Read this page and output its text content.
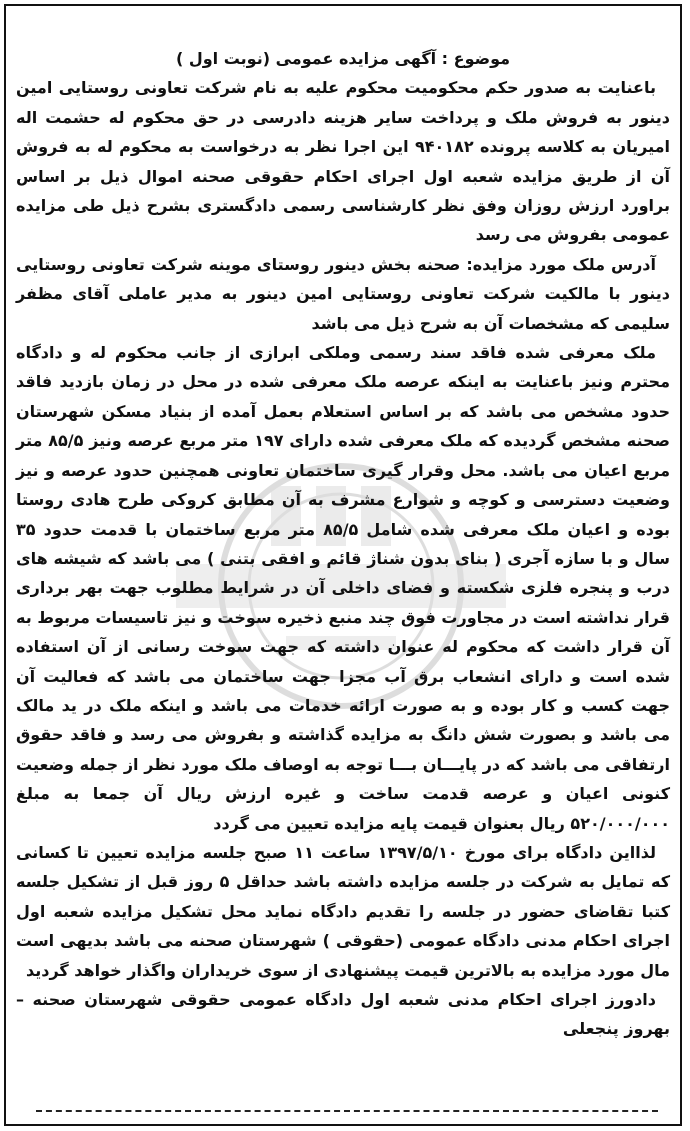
موضوع : آگهی مزایده عمومی (نوبت اول )

باعنایت به صدور حکم محکومیت محکوم علیه به نام شرکت تعاونی روستایی امین دینور به فروش ملک و پرداخت سایر هزینه دادرسی در حق محکوم له حشمت اله امیریان به کلاسه پرونده ۹۴۰۱۸۲ این اجرا نظر به درخواست به محکوم له به فروش آن از طریق مزایده شعبه اول اجرای احکام حقوقی صحنه اموال ذیل بر اساس براورد ارزش روزان وفق نظر کارشناسی رسمی دادگستری بشرح ذیل طی مزایده عمومی بفروش می رسد

آدرس ملک مورد مزایده: صحنه بخش دینور روستای موینه شرکت تعاونی روستایی دینور با مالکیت شرکت تعاونی روستایی امین دینور به مدیر عاملی آقای مظفر سلیمی که مشخصات آن به شرح ذیل می باشد

ملک معرفی شده فاقد سند رسمی وملکی ابرازی از جانب محکوم له و دادگاه محترم ونیز باعنایت به اینکه عرصه ملک معرفی شده در محل در زمان بازدید فاقد حدود مشخص می باشد که بر اساس استعلام بعمل آمده از بنیاد مسکن شهرستان صحنه مشخص گردیده که ملک معرفی شده دارای ۱۹۷ متر مربع عرصه ونیز ۸۵/۵ متر مربع اعیان می باشد. محل وقرار گیری ساختمان تعاونی همچنین حدود عرصه و نیز وضعیت دسترسی و کوچه و شوارع مشرف به آن مطابق کروکی طرح هادی روستا بوده و اعیان ملک معرفی شده شامل ۸۵/۵ متر مربع ساختمان با قدمت حدود ۳۵ سال و با سازه آجری ( بنای بدون شناژ قائم و افقی بتنی ) می باشد که شیشه های درب و پنجره فلزی شکسته و فضای داخلی آن در شرایط مطلوب جهت بهر برداری قرار نداشته است در مجاورت فوق چند منبع ذخیره سوخت و نیز تاسیسات مربوط به آن قرار داشت که محکوم له عنوان داشته که جهت سوخت رسانی از آن استفاده شده است و دارای انشعاب برق آب مجزا جهت ساختمان می باشد که فعالیت آن جهت کسب و کار بوده و به صورت ارائه خدمات می باشد و اینکه ملک در ید مالک می باشد و بصورت شش دانگ به مزایده گذاشته و بفروش می رسد و فاقد حقوق ارتفاقی می باشد که در پایـــان بـــا توجه به اوصاف ملک مورد نظر از جمله وضعیت کنونی اعیان و عرصه قدمت ساخت و غیره ارزش ریال آن جمعا به مبلغ ۵۲۰/۰۰۰/۰۰۰ ریال بعنوان قیمت پایه مزایده تعیین می گردد

لذااین دادگاه برای مورخ ۱۳۹۷/۵/۱۰ ساعت ۱۱ صبح جلسه مزایده تعیین تا کسانی که تمایل به شرکت در جلسه مزایده داشته باشد حداقل ۵ روز قبل از تشکیل جلسه کتبا تقاضای حضور در جلسه را تقدیم دادگاه نماید محل تشکیل مزایده شعبه اول اجرای احکام مدنی دادگاه عمومی (حقوقی ) شهرستان صحنه می باشد بدیهی است مال مورد مزایده به بالاترین قیمت پیشنهادی از سوی خریداران واگذار خواهد گردید

دادورز اجرای احکام مدنی شعبه اول دادگاه عمومی حقوقی شهرستان صحنه –بهروز پنجعلی
